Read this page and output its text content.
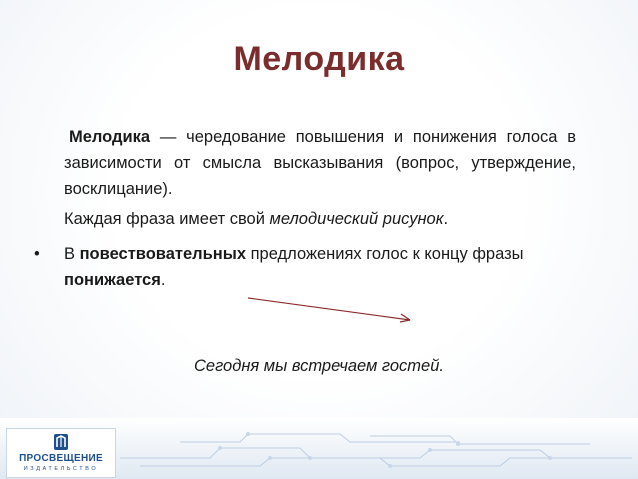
Мелодика
Мелодика — чередование повышения и понижения голоса в зависимости от смысла высказывания (вопрос, утверждение, восклицание).
Каждая фраза имеет свой мелодический рисунок.
• В повествовательных предложениях голос к концу фразы понижается.
Сегодня мы встречаем гостей.
ПРОСВЕЩЕНИЕ
ИЗДАТЕЛЬСТВО
